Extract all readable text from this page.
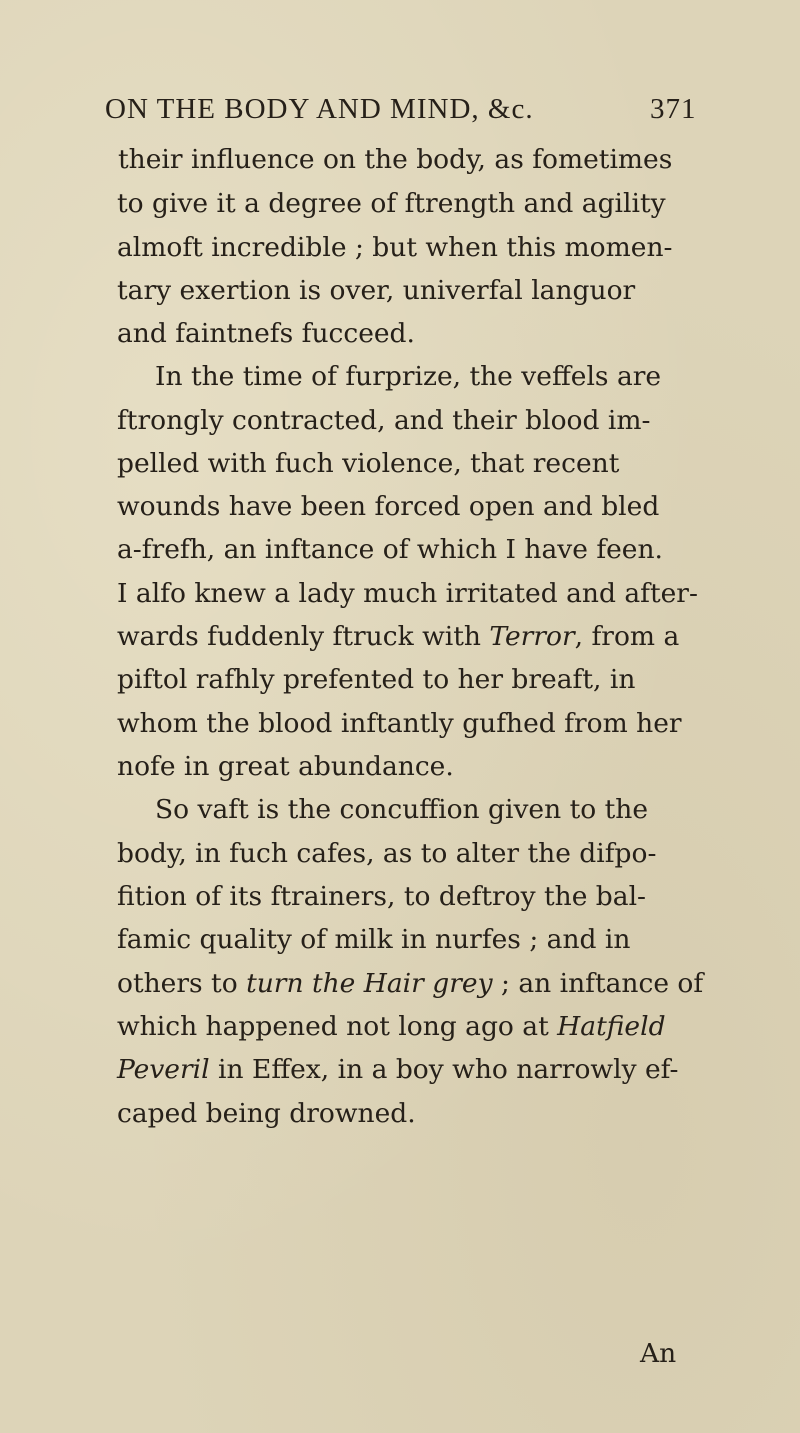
ON THE BODY AND MIND, &c.	371
their influence on the body, as fometimes
to give it a degree of ftrength and agility
almoft incredible ; but when this momen-
tary exertion is over, univerfal languor
and faintnefs fucceed.
In the time of furprize, the veffels are
ftrongly contracted, and their blood im-
pelled with fuch violence, that recent
wounds have been forced open and bled
a-frefh, an inftance of which I have feen.
I alfo knew a lady much irritated and after-
wards fuddenly ftruck with Terror, from a
piftol rafhly prefented to her breaft, in
whom the blood inftantly gufhed from her
nofe in great abundance.
So vaft is the concuffion given to the
body, in fuch cafes, as to alter the difpo-
fition of its ftrainers, to deftroy the bal-
famic quality of milk in nurfes ; and in
others to turn the Hair grey ; an inftance of
which happened not long ago at Hatfield
Peveril in Effex, in a boy who narrowly ef-
caped being drowned.
An
